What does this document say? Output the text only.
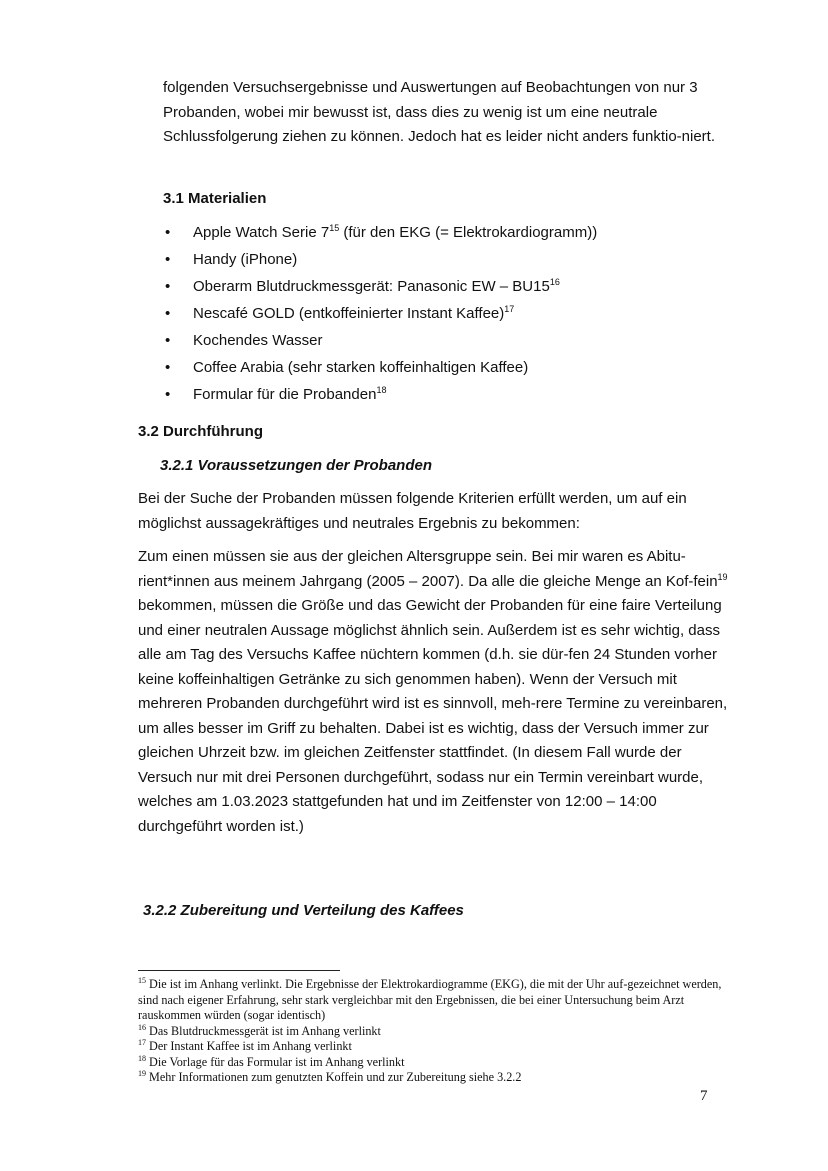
folgenden Versuchsergebnisse und Auswertungen auf Beobachtungen von nur 3 Probanden, wobei mir bewusst ist, dass dies zu wenig ist um eine neutrale Schlussfolgerung ziehen zu können. Jedoch hat es leider nicht anders funktio-niert.

3.1 Materialien
• Apple Watch Serie $7^{15}$ (für den EKG (= Elektrokardiogramm))
• Handy (iPhone)
• Oberarm Blutdruckmessgerät: Panasonic EW – $BU15^{16}$
• Nescafé GOLD (entkoffeinierter Instant Kaffee)$^{17}$
• Kochendes Wasser
• Coffee Arabia (sehr starken koffeinhaltigen Kaffee)
• Formular für die Probanden$^{18}$
3.2 Durchführung
3.2.1 Voraussetzungen der Probanden

Bei der Suche der Probanden müssen folgende Kriterien erfüllt werden, um auf ein möglichst aussagekräftiges und neutrales Ergebnis zu bekommen:

Zum einen müssen sie aus der gleichen Altersgruppe sein. Bei mir waren es Abitu-rient*innen aus meinem Jahrgang (2005 – 2007). Da alle die gleiche Menge an Kof-fein$^{19}$ bekommen, müssen die Größe und das Gewicht der Probanden für eine faire Verteilung und einer neutralen Aussage möglichst ähnlich sein. Außerdem ist es sehr wichtig, dass alle am Tag des Versuchs Kaffee nüchtern kommen (d.h. sie dür-fen 24 Stunden vorher keine koffeinhaltigen Getränke zu sich genommen haben). Wenn der Versuch mit mehreren Probanden durchgeführt wird ist es sinnvoll, meh-rere Termine zu vereinbaren, um alles besser im Griff zu behalten. Dabei ist es wichtig, dass der Versuch immer zur gleichen Uhrzeit bzw. im gleichen Zeitfenster stattfindet. (In diesem Fall wurde der Versuch nur mit drei Personen durchgeführt, sodass nur ein Termin vereinbart wurde, welches am 1.03.2023 stattgefunden hat und im Zeitfenster von 12:00 – 14:00 durchgeführt worden ist.)

3.2.2 Zubereitung und Verteilung des Kaffees

$^{15}$ Die ist im Anhang verlinkt. Die Ergebnisse der Elektrokardiogramme (EKG), die mit der Uhr auf-gezeichnet werden, sind nach eigener Erfahrung, sehr stark vergleichbar mit den Ergebnissen, die bei einer Untersuchung beim Arzt rauskommen würden (sogar identisch)

$^{16}$ Das Blutdruckmessgerät ist im Anhang verlinkt

$^{17}$ Der Instant Kaffee ist im Anhang verlinkt

$^{18}$ Die Vorlage für das Formular ist im Anhang verlinkt

$^{19}$ Mehr Informationen zum genutzten Koffein und zur Zubereitung siehe 3.2.2

7
